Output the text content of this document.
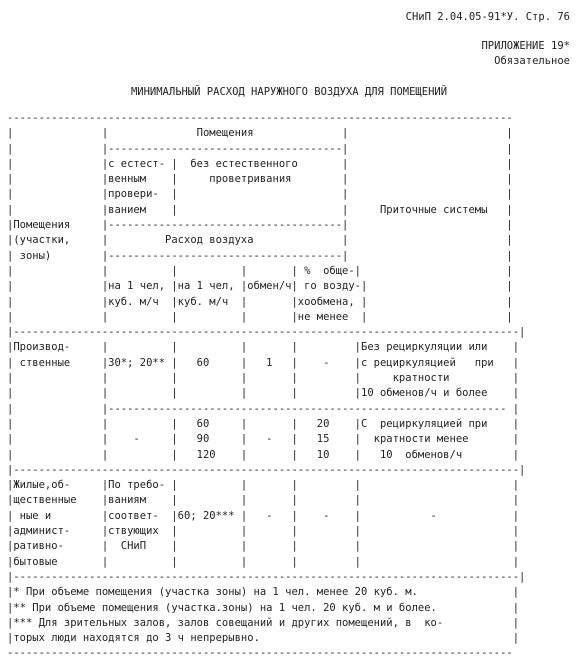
СНиП 2.04.05-91*У. Стр. 76
ПРИЛОЖЕНИЕ 19*
Обязательное
МИНИМАЛЬНЫЙ РАСХОД НАРУЖНОГО ВОЗДУХА ДЛЯ ПОМЕЩЕНИЙ
--------------------------------------------------------------------------------
|              |              Помещения              |                         |
|              |-------------------------------------|                         |
|              |с естест- |  без естественного       |                         |
|              |венным    |     проветривания        |                         |
|              |провери-  |                          |                         |
|              |ванием    |                          |     Приточные системы   |
|Помещения     |-------------------------------------|                         |
|(участки,     |         Расход воздуха              |                         |
| зоны)        |-------------------------------------|                         |
|              |          |          |       | %  обще-|                       |
|              |на 1 чел, |на 1 чел, |обмен/ч| го возду-|                      |
|              |куб. м/ч  |куб. м/ч  |       |хообмена, |                      |
|              |          |          |       |не менее  |                      |
|--------------------------------------------------------------------------------|
|Производ-     |          |          |       |         |Без рециркуляции или    |
| ственные     |30*; 20** |   60     |   1   |    -    |с рециркуляцией   при   |
|              |          |          |       |         |     кратности          |
|              |          |          |       |         |10 обменов/ч и более    |
|              |--------------------------------------------------------------- |
|              |          |   60     |       |   20    |С  рециркуляцией при    |
|              |    -     |   90     |   -   |   15    |  кратности менее       |
|              |          |   120    |       |   10    |   10  обменов/ч        |
|--------------------------------------------------------------------------------|
|Жилые,об-     |По требо- |          |       |         |                        |
|щественные    |ваниям    |          |       |         |                        |
| ные и        |соответ-  |60; 20*** |   -   |    -    |           -            |
|админист-     |ствующих  |          |       |         |                        |
|ративно-      |  СНиП    |          |       |         |                        |
|бытовые       |          |          |       |         |                        |
|--------------------------------------------------------------------------------|
|* При объеме помещения (участка зоны) на 1 чел. менее 20 куб. м.               |
|** При объеме помещения (участка.зоны) на 1 чел. 20 куб. м и более.            |
|*** Для зрительных залов, залов совещаний и других помещений, в  ко-           |
|торых люди находятся до 3 ч непрерывно.                                        |
--------------------------------------------------------------------------------
